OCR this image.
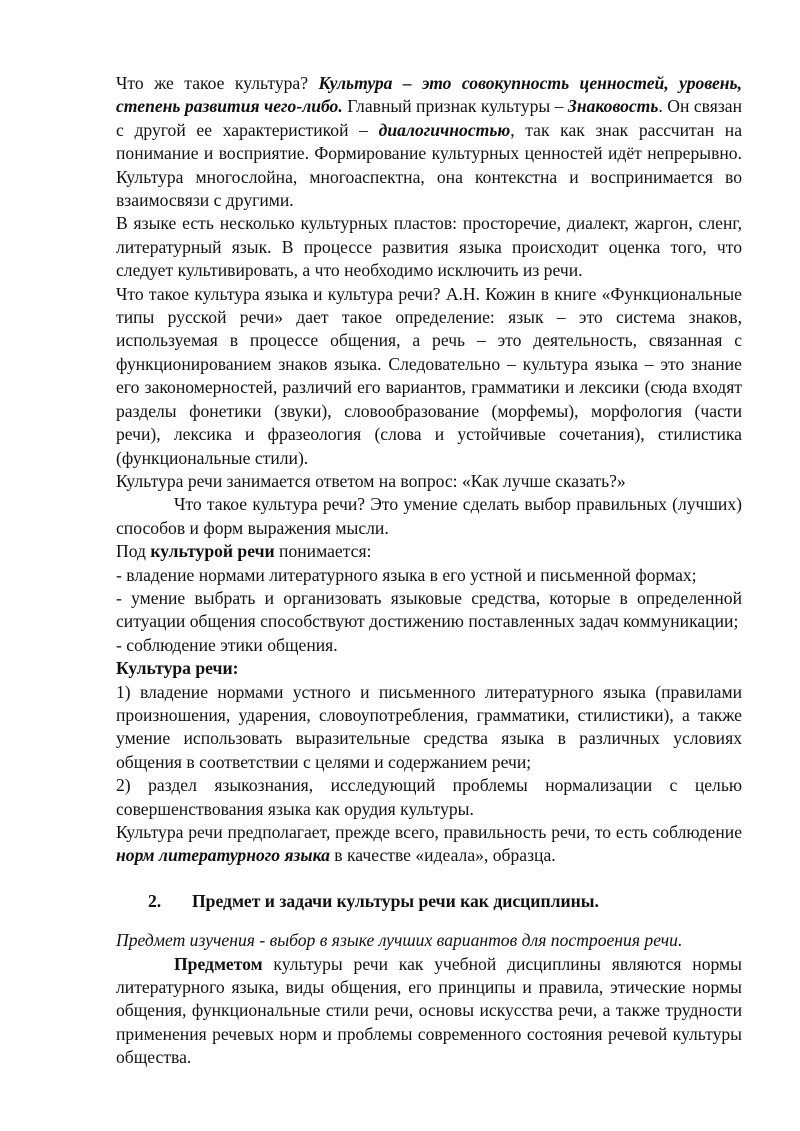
Что же такое культура? Культура – это совокупность ценностей, уровень, степень развития чего-либо. Главный признак культуры – Знаковость. Он связан с другой ее характеристикой – диалогичностью, так как знак рассчитан на понимание и восприятие. Формирование культурных ценностей идёт непрерывно. Культура многослойна, многоаспектна, она контекстна и воспринимается во взаимосвязи с другими.

В языке есть несколько культурных пластов: просторечие, диалект, жаргон, сленг, литературный язык. В процессе развития языка происходит оценка того, что следует культивировать, а что необходимо исключить из речи.

Что такое культура языка и культура речи? А.Н. Кожин в книге «Функциональные типы русской речи» дает такое определение: язык – это система знаков, используемая в процессе общения, а речь – это деятельность, связанная с функционированием знаков языка. Следовательно – культура языка – это знание его закономерностей, различий его вариантов, грамматики и лексики (сюда входят разделы фонетики (звуки), словообразование (морфемы), морфология (части речи), лексика и фразеология (слова и устойчивые сочетания), стилистика (функциональные стили).

Культура речи занимается ответом на вопрос: «Как лучше сказать?»

Что такое культура речи? Это умение сделать выбор правильных (лучших) способов и форм выражения мысли.

Под культурой речи понимается:

- владение нормами литературного языка в его устной и письменной формах;

- умение выбрать и организовать языковые средства, которые в определенной ситуации общения способствуют достижению поставленных задач коммуникации;

- соблюдение этики общения.

Культура речи:

1) владение нормами устного и письменного литературного языка (правилами произношения, ударения, словоупотребления, грамматики, стилистики), а также умение использовать выразительные средства языка в различных условиях общения в соответствии с целями и содержанием речи;

2) раздел языкознания, исследующий проблемы нормализации с целью совершенствования языка как орудия культуры.

Культура речи предполагает, прежде всего, правильность речи, то есть соблюдение норм литературного языка в качестве «идеала», образца.

2.	Предмет и задачи культуры речи как дисциплины.

Предмет изучения - выбор в языке лучших вариантов для построения речи.

Предметом культуры речи как учебной дисциплины являются нормы литературного языка, виды общения, его принципы и правила, этические нормы общения, функциональные стили речи, основы искусства речи, а также трудности применения речевых норм и проблемы современного состояния речевой культуры общества.
